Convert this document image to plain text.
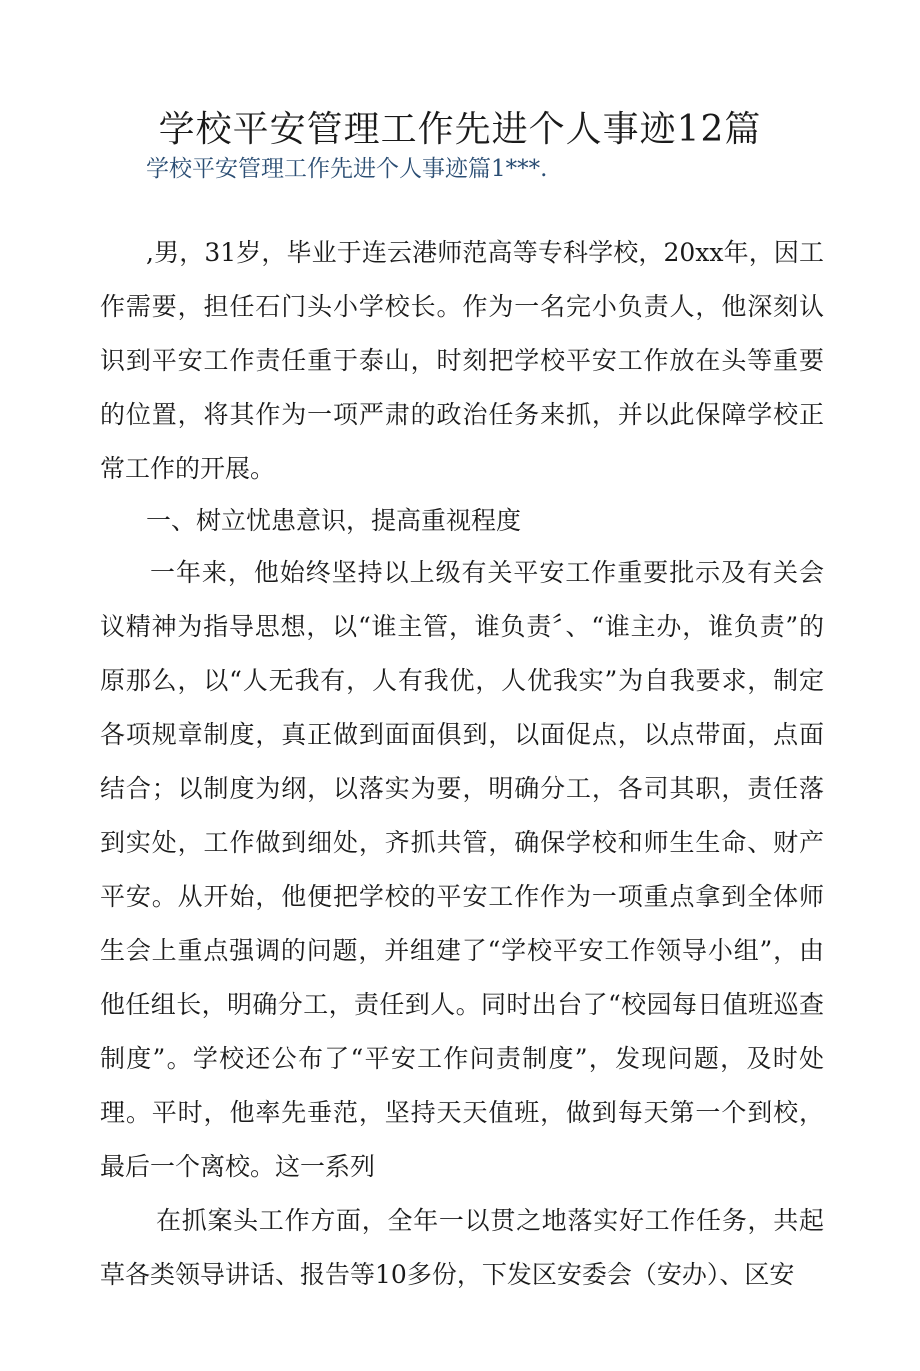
学校平安管理工作先进个人事迹12篇
学校平安管理工作先进个人事迹篇1***.
,男，31岁，毕业于连云港师范高等专科学校，20xx年，因工作需要，担任石门头小学校长。作为一名完小负责人，他深刻认识到平安工作责任重于泰山，时刻把学校平安工作放在头等重要的位置，将其作为一项严肃的政治任务来抓，并以此保障学校正常工作的开展。
一、树立忧患意识，提高重视程度
一年来，他始终坚持以上级有关平安工作重要批示及有关会议精神为指导思想，以“谁主管，谁负责〞、“谁主办，谁负责”的原那么，以“人无我有，人有我优，人优我实”为自我要求，制定各项规章制度，真正做到面面俱到，以面促点，以点带面，点面结合；以制度为纲，以落实为要，明确分工，各司其职，责任落到实处，工作做到细处，齐抓共管，确保学校和师生生命、财产平安。从开始，他便把学校的平安工作作为一项重点拿到全体师生会上重点强调的问题，并组建了“学校平安工作领导小组”，由他任组长，明确分工，责任到人。同时出台了“校园每日值班巡查制度”。学校还公布了“平安工作问责制度”，发现问题，及时处理。平时，他率先垂范，坚持天天值班，做到每天第一个到校，最后一个离校。这一系列
在抓案头工作方面，全年一以贯之地落实好工作任务，共起草各类领导讲话、报告等10多份，下发区安委会（安办）、区安
